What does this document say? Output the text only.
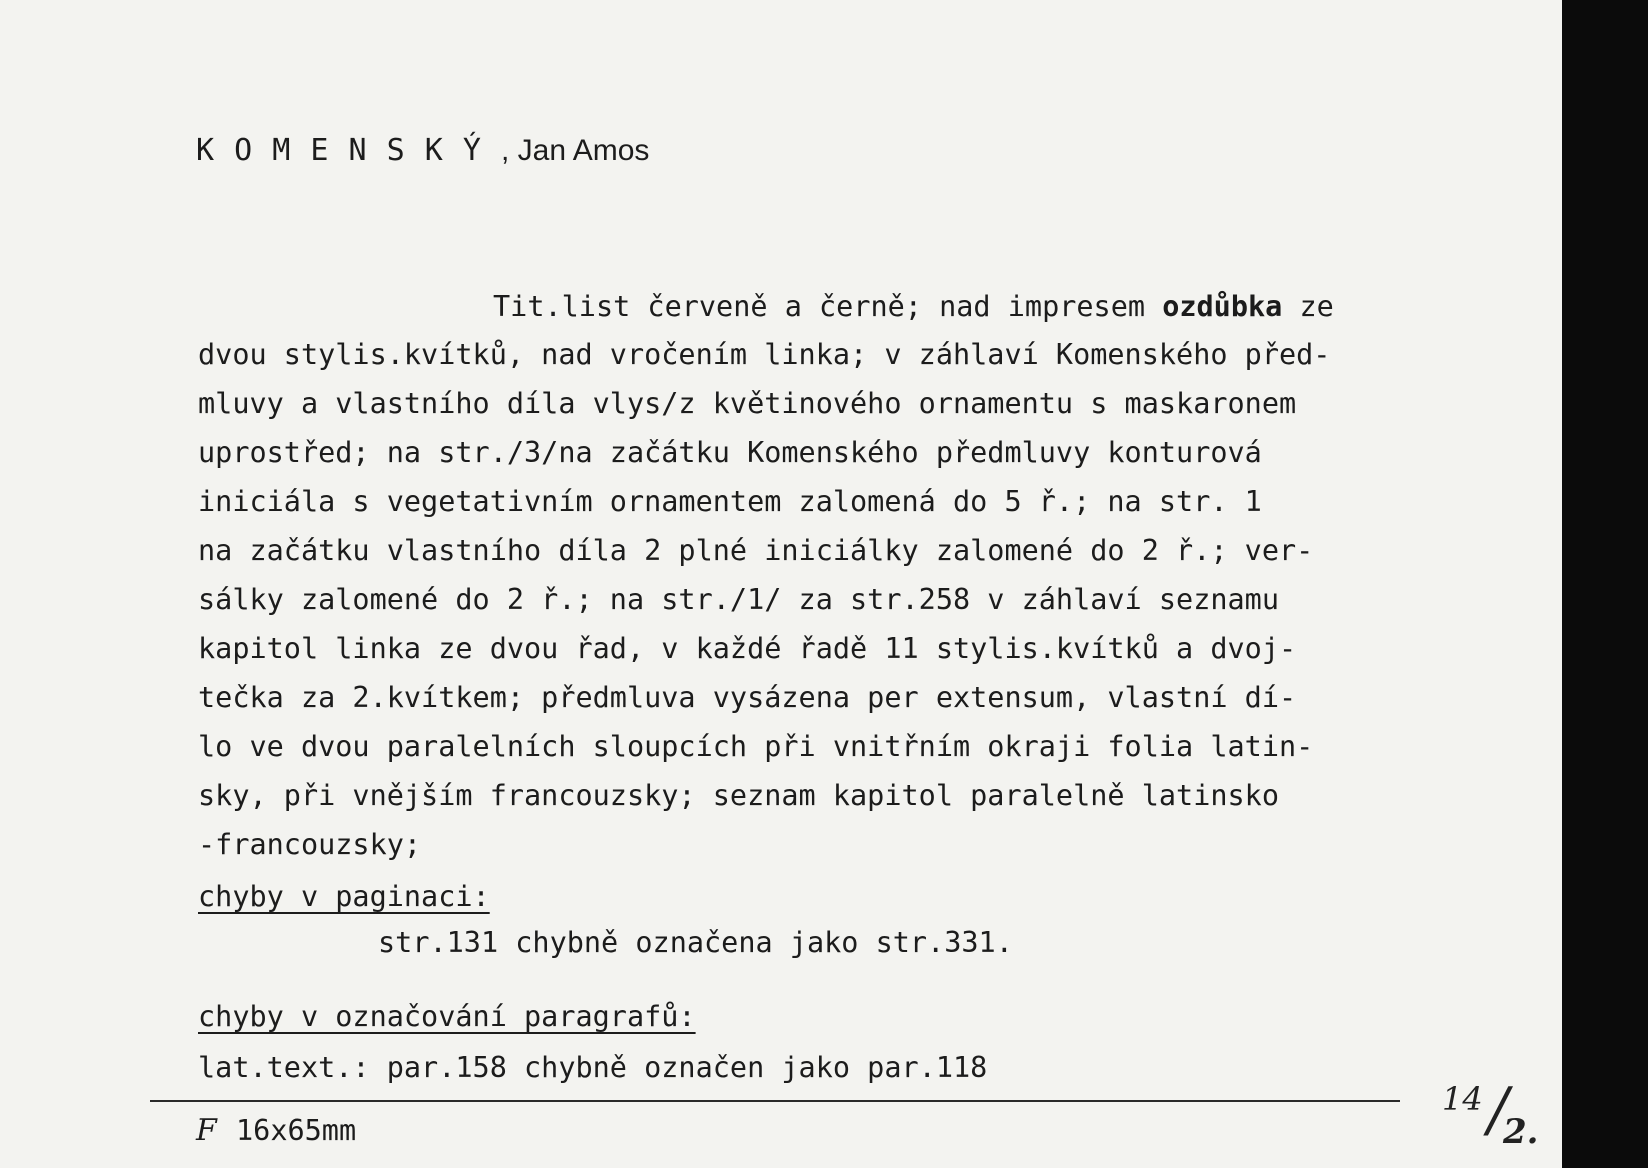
K O M E N S K Ý , Jan Amos
Tit.list červeně a černě; nad impresem ozdůbka ze
dvou stylis.kvítků, nad vročením linka; v záhlaví Komenského před-
mluvy a vlastního díla vlys/z květinového ornamentu s maskaronem
uprostřed; na str./3/na začátku Komenského předmluvy konturová
iniciála s vegetativním ornamentem zalomená do 5 ř.; na str. 1
na začátku vlastního díla 2 plné iniciálky zalomené do 2 ř.; ver-
sálky zalomené do 2 ř.; na str./1/ za str.258 v záhlaví seznamu
kapitol linka ze dvou řad, v každé řadě 11 stylis.kvítků a dvoj-
tečka za 2.kvítkem; předmluva vysázena per extensum, vlastní dí-
lo ve dvou paralelních sloupcích při vnitřním okraji folia latin-
sky, při vnějším francouzsky; seznam kapitol paralelně latinsko
-francouzsky;
chyby v paginaci:
str.131 chybně označena jako str.331.
chyby v označování paragrafů:
lat.text.: par.158 chybně označen jako par.118
F 16x65mm
14 /
2.
